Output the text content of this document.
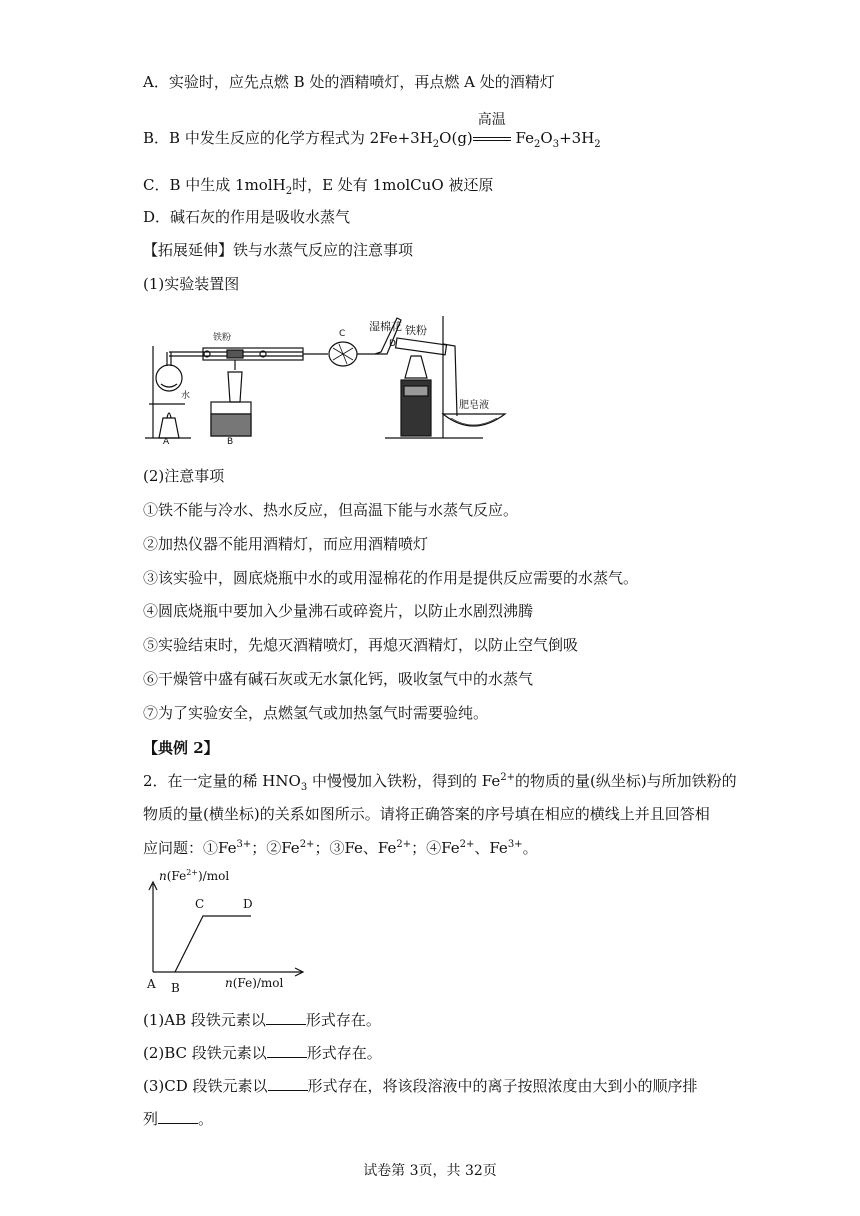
A．实验时，应先点燃 B 处的酒精喷灯，再点燃 A 处的酒精灯
B．B 中发生反应的化学方程式为 $2Fe+3H_2O(g)$
高温
$Fe_2O_3+3H_2$
C．B 中生成 1molH$_2$时，E 处有 1molCuO 被还原
D．碱石灰的作用是吸收水蒸气
【拓展延伸】铁与水蒸气反应的注意事项
(1)实验装置图
铁粉
水
A	B
C
D
湿棉花 铁粉
肥皂液
(2)注意事项
①铁不能与冷水、热水反应，但高温下能与水蒸气反应。
②加热仪器不能用酒精灯，而应用酒精喷灯
③该实验中，圆底烧瓶中水的或用湿棉花的作用是提供反应需要的水蒸气。
④圆底烧瓶中要加入少量沸石或碎瓷片，以防止水剧烈沸腾
⑤实验结束时，先熄灭酒精喷灯，再熄灭酒精灯，以防止空气倒吸
⑥干燥管中盛有碱石灰或无水氯化钙，吸收氢气中的水蒸气
⑦为了实验安全，点燃氢气或加热氢气时需要验纯。
【典例 2】
2．在一定量的稀 $HNO_3$ 中慢慢加入铁粉，得到的 $Fe^{2+}$的物质的量(纵坐标)与所加铁粉的
物质的量(横坐标)的关系如图所示。请将正确答案的序号填在相应的横线上并且回答相
应问题：$①Fe^{3+}$；$②Fe^{2+}$；③Fe、$Fe^{2+}$；$④Fe^{2+}$、$Fe^{3+}$。
$n(Fe^{2+})$/mol
n(Fe)/mol
A B
C	D
(1)AB 段铁元素以	形式存在。
(2)BC 段铁元素以	形式存在。
(3)CD 段铁元素以	形式存在，将该段溶液中的离子按照浓度由大到小的顺序排
列	。
试卷第 3页，共 32页
